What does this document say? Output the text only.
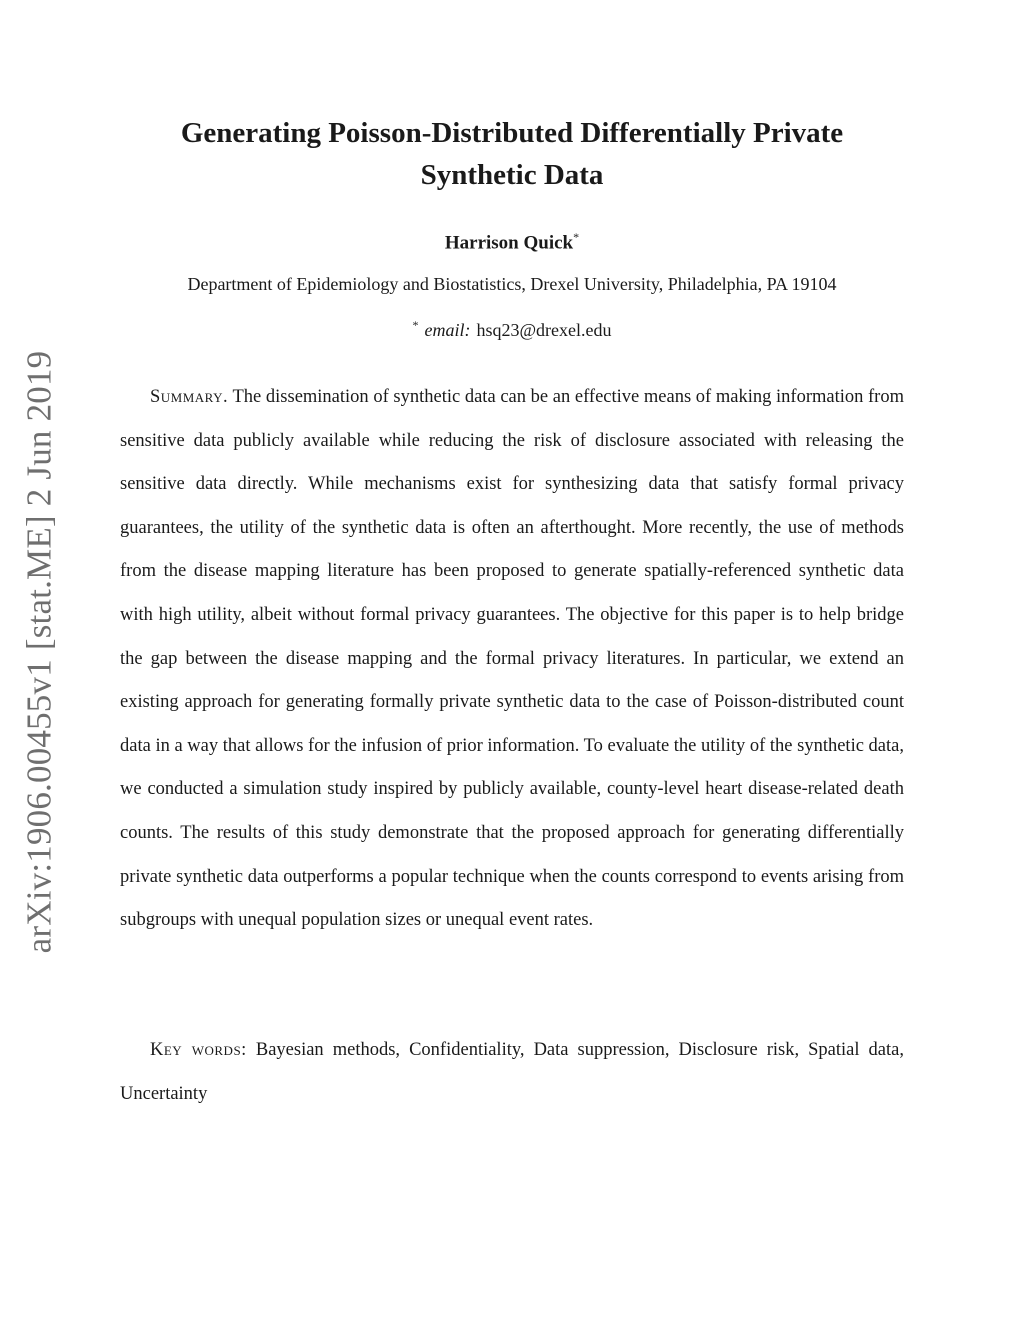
arXiv:1906.00455v1 [stat.ME] 2 Jun 2019
Generating Poisson-Distributed Differentially Private
Synthetic Data
Harrison Quick*
Department of Epidemiology and Biostatistics, Drexel University, Philadelphia, PA 19104
* email: hsq23@drexel.edu

Summary. The dissemination of synthetic data can be an effective means of making information from sensitive data publicly available while reducing the risk of disclosure associated with releasing the sensitive data directly. While mechanisms exist for synthesizing data that satisfy formal privacy guarantees, the utility of the synthetic data is often an afterthought. More recently, the use of methods from the disease mapping literature has been proposed to generate spatially-referenced synthetic data with high utility, albeit without formal privacy guarantees. The objective for this paper is to help bridge the gap between the disease mapping and the formal privacy literatures. In particular, we extend an existing approach for generating formally private synthetic data to the case of Poisson-distributed count data in a way that allows for the infusion of prior information. To evaluate the utility of the synthetic data, we conducted a simulation study inspired by publicly available, county-level heart disease-related death counts. The results of this study demonstrate that the proposed approach for generating differentially private synthetic data outperforms a popular technique when the counts correspond to events arising from subgroups with unequal population sizes or unequal event rates.

Key words: Bayesian methods, Confidentiality, Data suppression, Disclosure risk, Spatial data, Uncertainty
